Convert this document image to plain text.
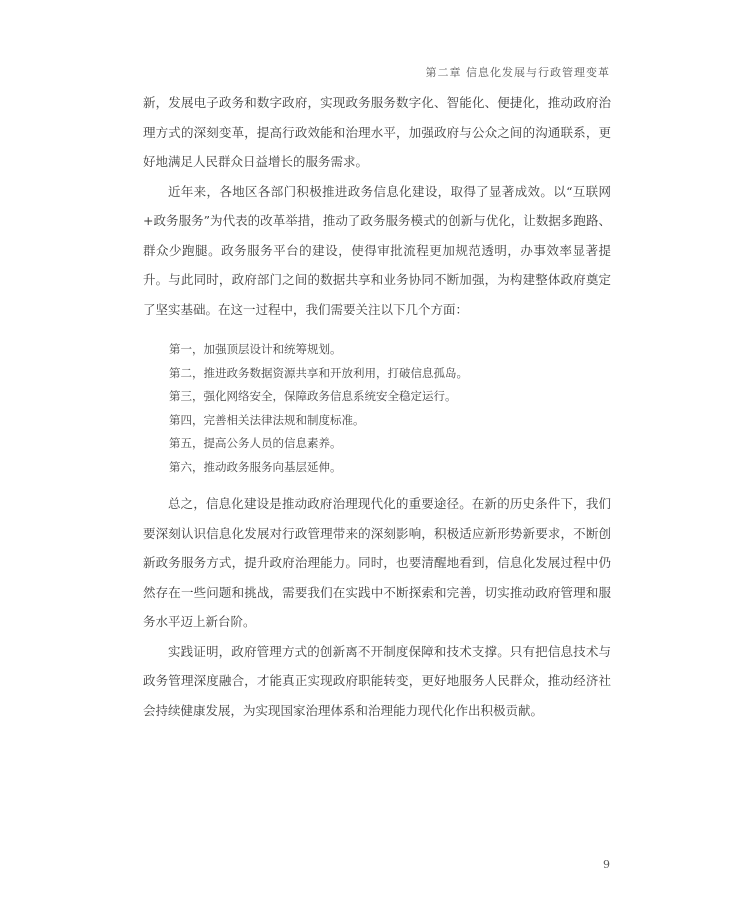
第二章 信息化发展与行政管理变革

新，发展电子政务和数字政府，实现政务服务数字化、智能化、便捷化，推动政府治理方式的深刻变革，提高行政效能和治理水平，加强政府与公众之间的沟通联系，更好地满足人民群众日益增长的服务需求。

近年来，各地区各部门积极推进政务信息化建设，取得了显著成效。以“互联网+政务服务”为代表的改革举措，推动了政务服务模式的创新与优化，让数据多跑路、群众少跑腿。政务服务平台的建设，使得审批流程更加规范透明，办事效率显著提升。与此同时，政府部门之间的数据共享和业务协同不断加强，为构建整体政府奠定了坚实基础。在这一过程中，我们需要关注以下几个方面：

第一，加强顶层设计和统筹规划。
第二，推进政务数据资源共享和开放利用，打破信息孤岛。
第三，强化网络安全，保障政务信息系统安全稳定运行。
第四，完善相关法律法规和制度标准。
第五，提高公务人员的信息素养。
第六，推动政务服务向基层延伸。

总之，信息化建设是推动政府治理现代化的重要途径。在新的历史条件下，我们要深刻认识信息化发展对行政管理带来的深刻影响，积极适应新形势新要求，不断创新政务服务方式，提升政府治理能力。同时，也要清醒地看到，信息化发展过程中仍然存在一些问题和挑战，需要我们在实践中不断探索和完善，切实推动政府管理和服务水平迈上新台阶。

实践证明，政府管理方式的创新离不开制度保障和技术支撑。只有把信息技术与政务管理深度融合，才能真正实现政府职能转变，更好地服务人民群众，推动经济社会持续健康发展，为实现国家治理体系和治理能力现代化作出积极贡献。

9
